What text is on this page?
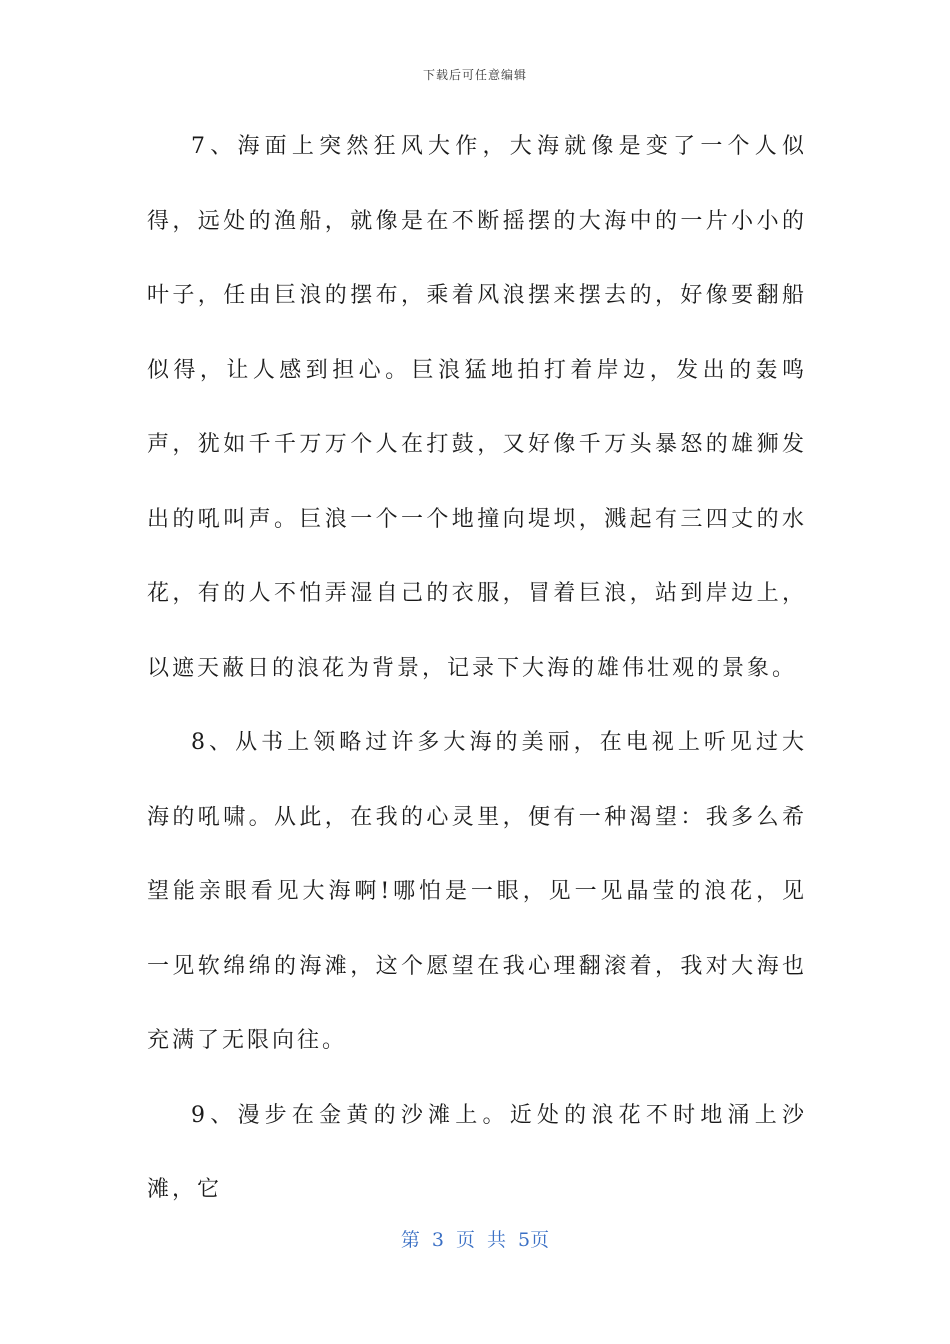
下载后可任意编辑

7、海面上突然狂风大作，大海就像是变了一个人似得，远处的渔船，就像是在不断摇摆的大海中的一片小小的叶子，任由巨浪的摆布，乘着风浪摆来摆去的，好像要翻船似得，让人感到担心。巨浪猛地拍打着岸边，发出的轰鸣声，犹如千千万万个人在打鼓，又好像千万头暴怒的雄狮发出的吼叫声。巨浪一个一个地撞向堤坝，溅起有三四丈的水花，有的人不怕弄湿自己的衣服，冒着巨浪，站到岸边上，以遮天蔽日的浪花为背景，记录下大海的雄伟壮观的景象。

8、从书上领略过许多大海的美丽，在电视上听见过大海的吼啸。从此，在我的心灵里，便有一种渴望：我多么希望能亲眼看见大海啊!哪怕是一眼，见一见晶莹的浪花，见一见软绵绵的海滩，这个愿望在我心理翻滚着，我对大海也充满了无限向往。

9、漫步在金黄的沙滩上。近处的浪花不时地涌上沙滩，它

第 3 页 共 5页
